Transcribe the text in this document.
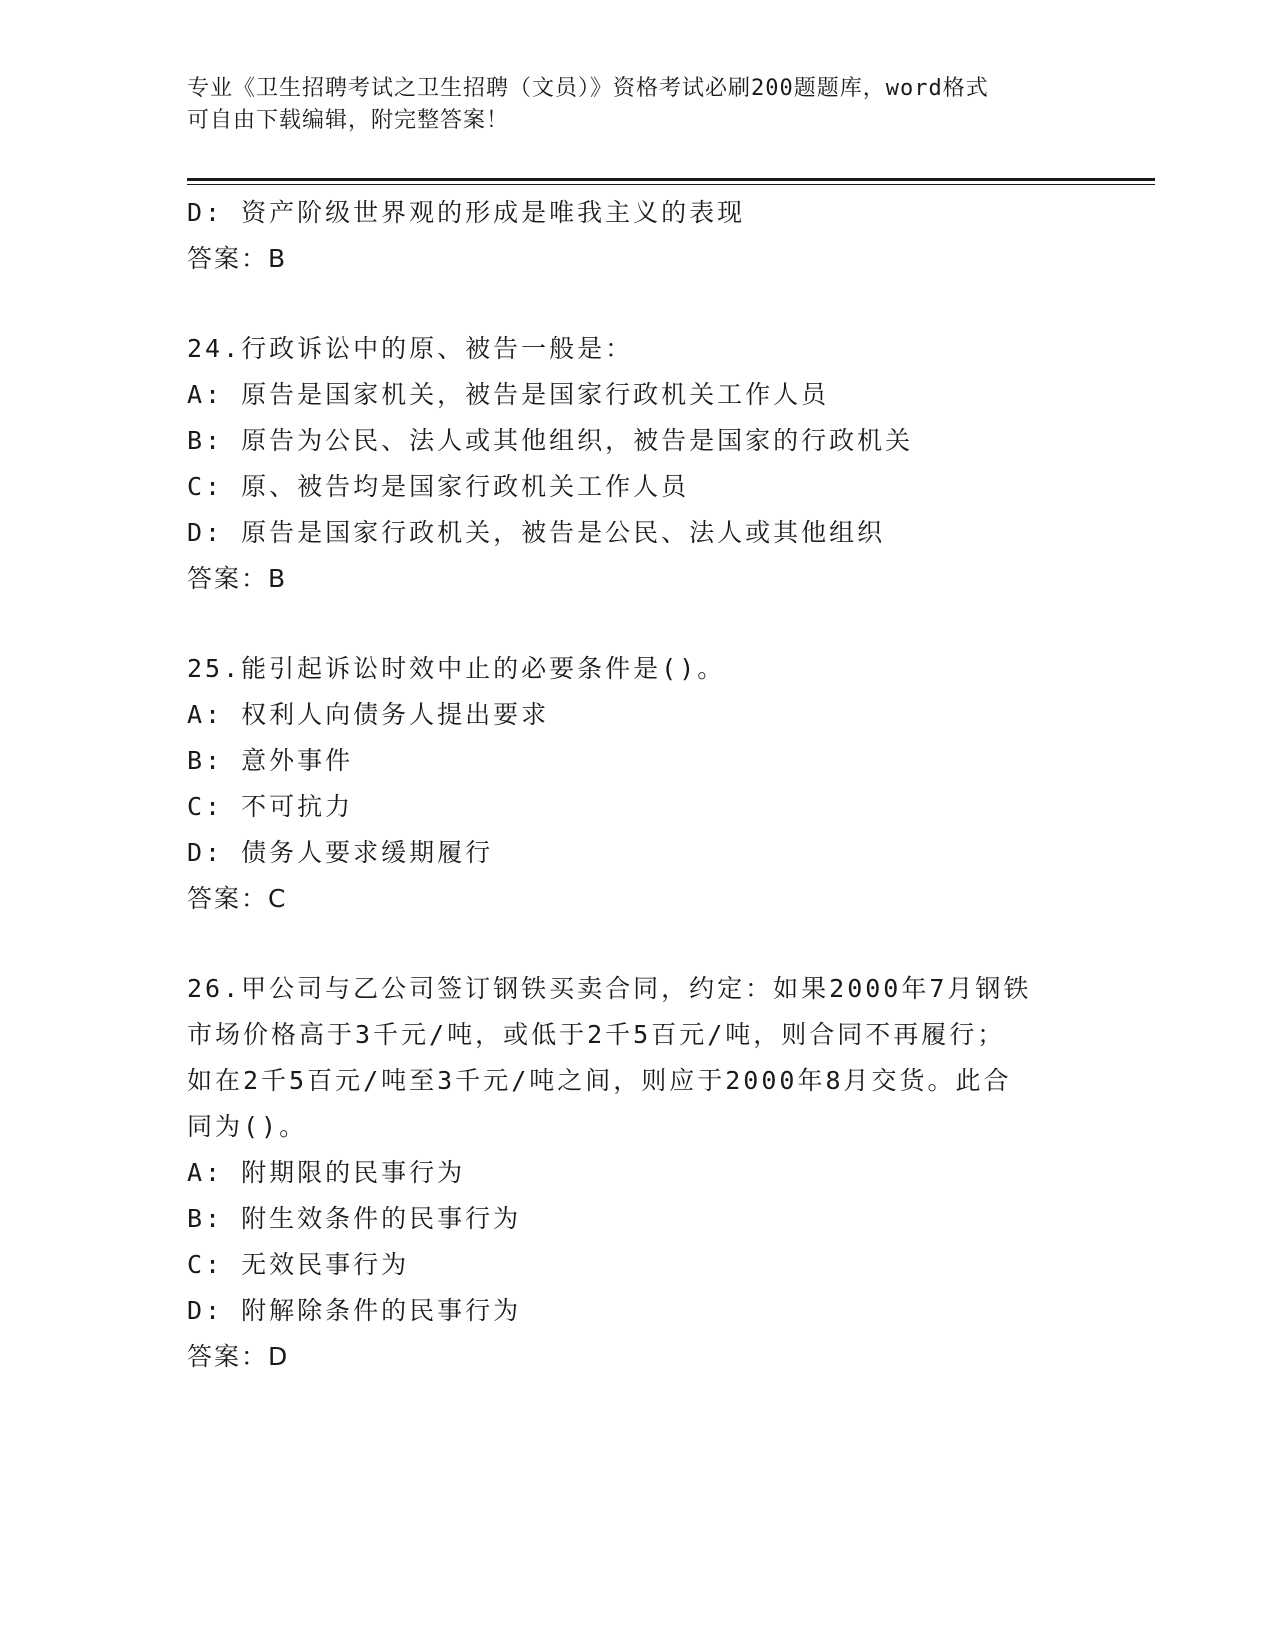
专业《卫生招聘考试之卫生招聘（文员）》资格考试必刷200题题库，word格式
可自由下载编辑，附完整答案！
D: 资产阶级世界观的形成是唯我主义的表现
答案：B
24.行政诉讼中的原、被告一般是：
A: 原告是国家机关，被告是国家行政机关工作人员
B: 原告为公民、法人或其他组织，被告是国家的行政机关
C: 原、被告均是国家行政机关工作人员
D: 原告是国家行政机关，被告是公民、法人或其他组织
答案：B
25.能引起诉讼时效中止的必要条件是()。
A: 权利人向债务人提出要求
B: 意外事件
C: 不可抗力
D: 债务人要求缓期履行
答案：C
26.甲公司与乙公司签订钢铁买卖合同，约定：如果2000年7月钢铁
市场价格高于3千元/吨，或低于2千5百元/吨，则合同不再履行；
如在2千5百元/吨至3千元/吨之间，则应于2000年8月交货。此合
同为()。
A: 附期限的民事行为
B: 附生效条件的民事行为
C: 无效民事行为
D: 附解除条件的民事行为
答案：D
